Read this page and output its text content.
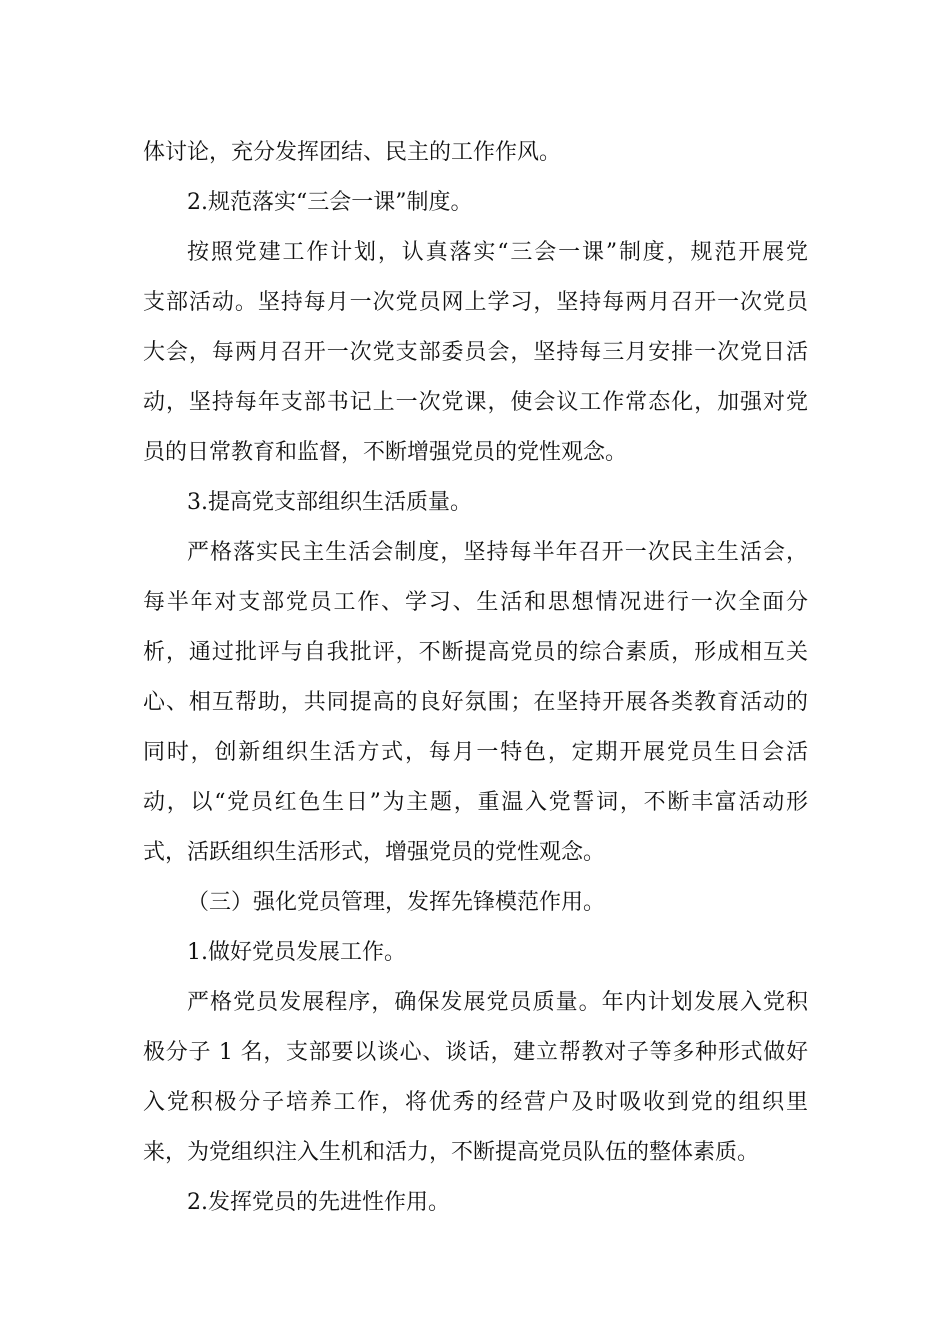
体讨论，充分发挥团结、民主的工作作风。
2.规范落实“三会一课”制度。
按照党建工作计划，认真落实“三会一课”制度，规范开展党
支部活动。坚持每月一次党员网上学习，坚持每两月召开一次党员
大会，每两月召开一次党支部委员会，坚持每三月安排一次党日活
动，坚持每年支部书记上一次党课，使会议工作常态化，加强对党
员的日常教育和监督，不断增强党员的党性观念。
3.提高党支部组织生活质量。
严格落实民主生活会制度，坚持每半年召开一次民主生活会，
每半年对支部党员工作、学习、生活和思想情况进行一次全面分
析，通过批评与自我批评，不断提高党员的综合素质，形成相互关
心、相互帮助，共同提高的良好氛围；在坚持开展各类教育活动的
同时，创新组织生活方式，每月一特色，定期开展党员生日会活
动，以“党员红色生日”为主题，重温入党誓词，不断丰富活动形
式，活跃组织生活形式，增强党员的党性观念。
（三）强化党员管理，发挥先锋模范作用。
1.做好党员发展工作。
严格党员发展程序，确保发展党员质量。年内计划发展入党积
极分子 1 名，支部要以谈心、谈话，建立帮教对子等多种形式做好
入党积极分子培养工作，将优秀的经营户及时吸收到党的组织里
来，为党组织注入生机和活力，不断提高党员队伍的整体素质。
2.发挥党员的先进性作用。
